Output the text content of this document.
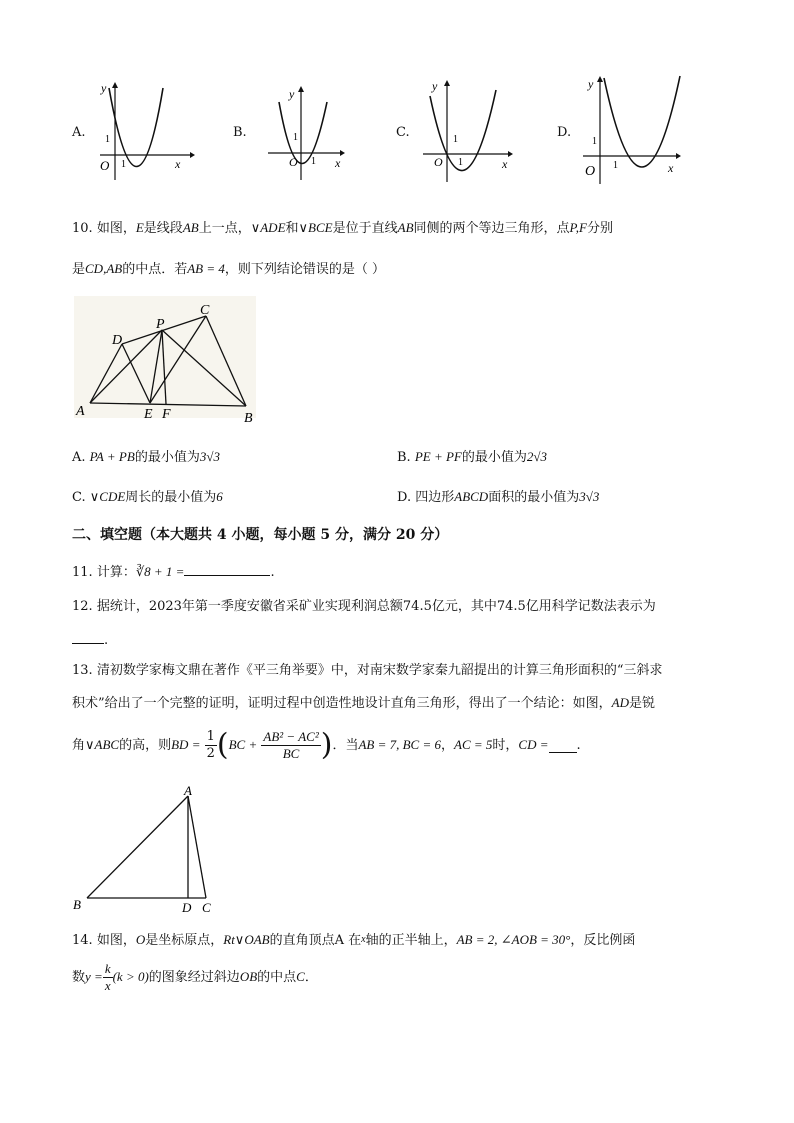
A.
y
x
O 1
1	B.
y
x
O 1
1	C.
y
x
O 1
1	D.
y
x
O 1
1
10. 如图，E是线段AB上一点，∨ADE和∨BCE是位于直线AB同侧的两个等边三角形，点P,F分别
是CD,AB的中点．若AB = 4，则下列结论错误的是（ ）
A	B
C
D
E F
P
A. PA + PB的最小值为3√3	B. PE + PF的最小值为2√3
C. ∨CDE周长的最小值为6	D. 四边形ABCD面积的最小值为3√3
二、填空题（本大题共 4 小题，每小题 5 分，满分 20 分）
11. 计算：∛8 + 1 =	.
12. 据统计，2023年第一季度安徽省采矿业实现利润总额74.5亿元，其中74.5亿用科学记数法表示为
.
13. 清初数学家梅文鼎在著作《平三角举要》中，对南宋数学家秦九韶提出的计算三角形面积的“三斜求
积术”给出了一个完整的证明，证明过程中创造性地设计直角三角形，得出了一个结论：如图，AD是锐
角∨ABC的高，则BD = $\frac{1}{2} (BC + \frac{\text{AB² − AC²}}{BC}$ )．当AB = 7, BC = 6，AC = 5时，CD = .
A
B	C
D
14. 如图，O是坐标原点，Rt∨OAB的直角顶点A 在$^x$轴的正半轴上，AB = 2, ∠AOB = 30°，反比例函
数$y = \frac{k}{x} (k > 0)$的图象经过斜边OB的中点C．
